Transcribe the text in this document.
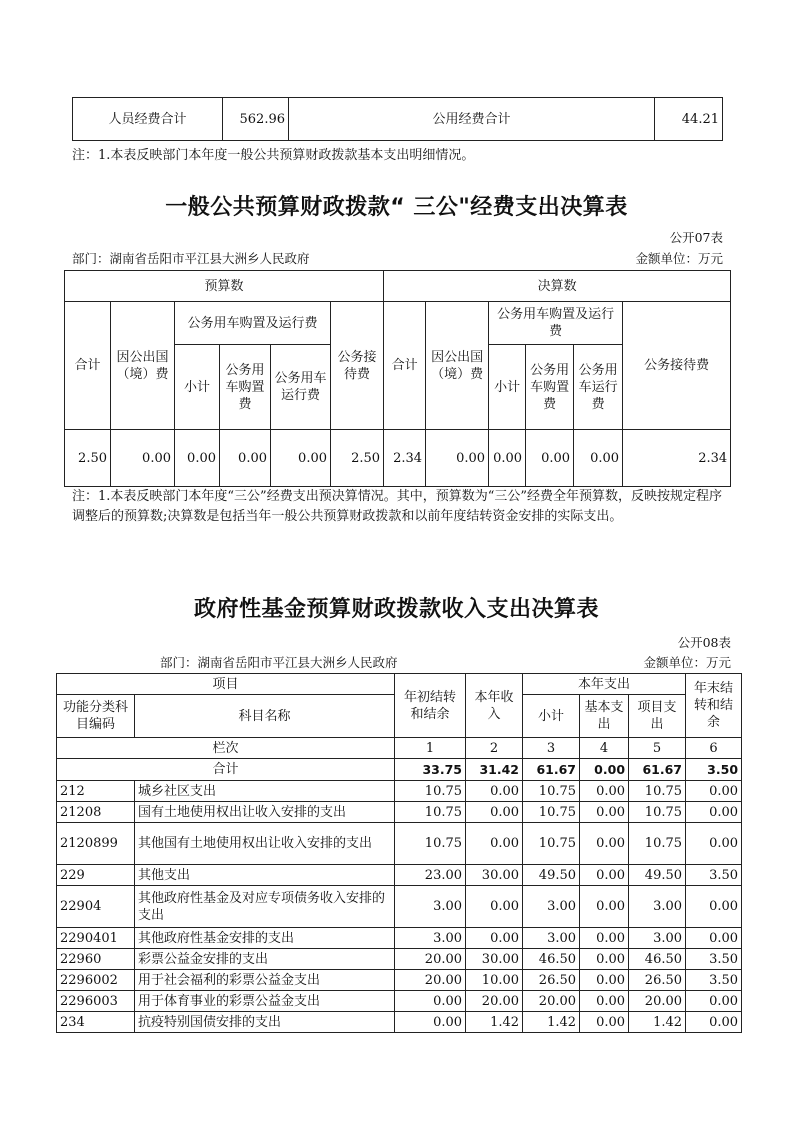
人员经费合计	562.96	公用经费合计	44.21
注：1.本表反映部门本年度一般公共预算财政拨款基本支出明细情况。
一般公共预算财政拨款“ 三公"经费支出决算表
公开07表
部门：湖南省岳阳市平江县大洲乡人民政府	金额单位：万元
预算数						决算数					
合计	因公出国（境）费	公务用车购置及运行费			公务接待费	合计	因公出国（境）费	公务用车购置及运行费			公务接待费
		小计	公务用车购置费	公务用车运行费				小计	公务用车购置费	公务用车运行费	
2.50	0.00	0.00	0.00	0.00	2.50	2.34	0.00	0.00	0.00	0.00	2.34
注：1.本表反映部门本年度“三公”经费支出预决算情况。其中，预算数为“三公”经费全年预算数，反映按规定程序调整后的预算数;决算数是包括当年一般公共预算财政拨款和以前年度结转资金安排的实际支出。
政府性基金预算财政拨款收入支出决算表
公开08表
部门：湖南省岳阳市平江县大洲乡人民政府	金额单位：万元
项目		年初结转和结余	本年收入	本年支出			年末结转和结余
功能分类科目编码	科目名称			小计	基本支出	项目支出	
栏次		1	2	3	4	5	6
合计		33.75	31.42	61.67	0.00	61.67	3.50
212	城乡社区支出	10.75	0.00	10.75	0.00	10.75	0.00
21208	国有土地使用权出让收入安排的支出	10.75	0.00	10.75	0.00	10.75	0.00
2120899	其他国有土地使用权出让收入安排的支出	10.75	0.00	10.75	0.00	10.75	0.00
229	其他支出	23.00	30.00	49.50	0.00	49.50	3.50
22904	其他政府性基金及对应专项债务收入安排的支出	3.00	0.00	3.00	0.00	3.00	0.00
2290401	其他政府性基金安排的支出	3.00	0.00	3.00	0.00	3.00	0.00
22960	彩票公益金安排的支出	20.00	30.00	46.50	0.00	46.50	3.50
2296002	用于社会福利的彩票公益金支出	20.00	10.00	26.50	0.00	26.50	3.50
2296003	用于体育事业的彩票公益金支出	0.00	20.00	20.00	0.00	20.00	0.00
234	抗疫特别国债安排的支出	0.00	1.42	1.42	0.00	1.42	0.00
